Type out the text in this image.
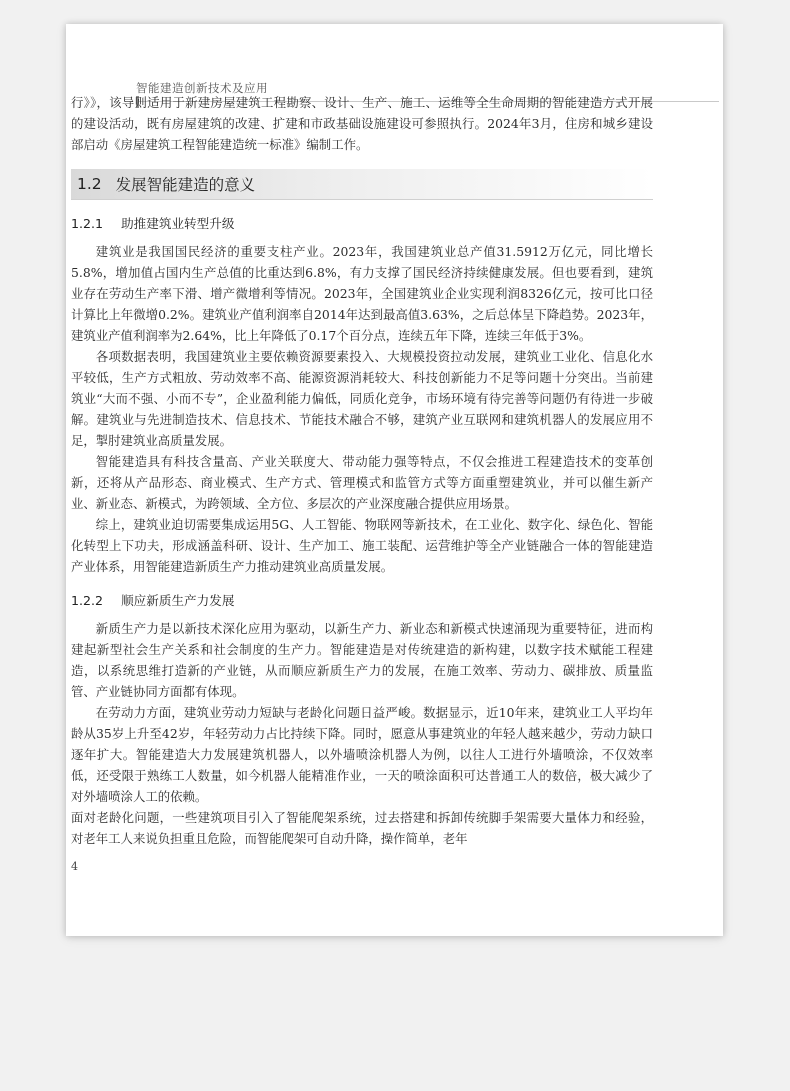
智能建造创新技术及应用

行》》，该导则适用于新建房屋建筑工程勘察、设计、生产、施工、运维等全生命周期的智能建造方式开展的建设活动，既有房屋建筑的改建、扩建和市政基础设施建设可参照执行。2024年3月，住房和城乡建设部启动《房屋建筑工程智能建造统一标准》编制工作。

1.2 发展智能建造的意义
1.2.1 助推建筑业转型升级

建筑业是我国国民经济的重要支柱产业。2023年，我国建筑业总产值31.5912万亿元，同比增长5.8%，增加值占国内生产总值的比重达到6.8%，有力支撑了国民经济持续健康发展。但也要看到，建筑业存在劳动生产率下滑、增产微增利等情况。2023年，全国建筑业企业实现利润8326亿元，按可比口径计算比上年微增0.2%。建筑业产值利润率自2014年达到最高值3.63%，之后总体呈下降趋势。2023年，建筑业产值利润率为2.64%，比上年降低了0.17个百分点，连续五年下降，连续三年低于3%。

各项数据表明，我国建筑业主要依赖资源要素投入、大规模投资拉动发展，建筑业工业化、信息化水平较低，生产方式粗放、劳动效率不高、能源资源消耗较大、科技创新能力不足等问题十分突出。当前建筑业“大而不强、小而不专”，企业盈利能力偏低，同质化竞争，市场环境有待完善等问题仍有待进一步破解。建筑业与先进制造技术、信息技术、节能技术融合不够，建筑产业互联网和建筑机器人的发展应用不足，掣肘建筑业高质量发展。

智能建造具有科技含量高、产业关联度大、带动能力强等特点，不仅会推进工程建造技术的变革创新，还将从产品形态、商业模式、生产方式、管理模式和监管方式等方面重塑建筑业，并可以催生新产业、新业态、新模式，为跨领域、全方位、多层次的产业深度融合提供应用场景。

综上，建筑业迫切需要集成运用5G、人工智能、物联网等新技术，在工业化、数字化、绿色化、智能化转型上下功夫，形成涵盖科研、设计、生产加工、施工装配、运营维护等全产业链融合一体的智能建造产业体系，用智能建造新质生产力推动建筑业高质量发展。

1.2.2 顺应新质生产力发展

新质生产力是以新技术深化应用为驱动，以新生产力、新业态和新模式快速涌现为重要特征，进而构建起新型社会生产关系和社会制度的生产力。智能建造是对传统建造的新构建，以数字技术赋能工程建造，以系统思维打造新的产业链，从而顺应新质生产力的发展，在施工效率、劳动力、碳排放、质量监管、产业链协同方面都有体现。

在劳动力方面，建筑业劳动力短缺与老龄化问题日益严峻。数据显示，近10年来，建筑业工人平均年龄从35岁上升至42岁，年轻劳动力占比持续下降。同时，愿意从事建筑业的年轻人越来越少，劳动力缺口逐年扩大。智能建造大力发展建筑机器人，以外墙喷涂机器人为例，以往人工进行外墙喷涂，不仅效率低，还受限于熟练工人数量，如今机器人能精准作业，一天的喷涂面积可达普通工人的数倍，极大减少了对外墙喷涂人工的依赖。

面对老龄化问题，一些建筑项目引入了智能爬架系统，过去搭建和拆卸传统脚手架需要大量体力和经验，对老年工人来说负担重且危险，而智能爬架可自动升降，操作简单，老年

4
